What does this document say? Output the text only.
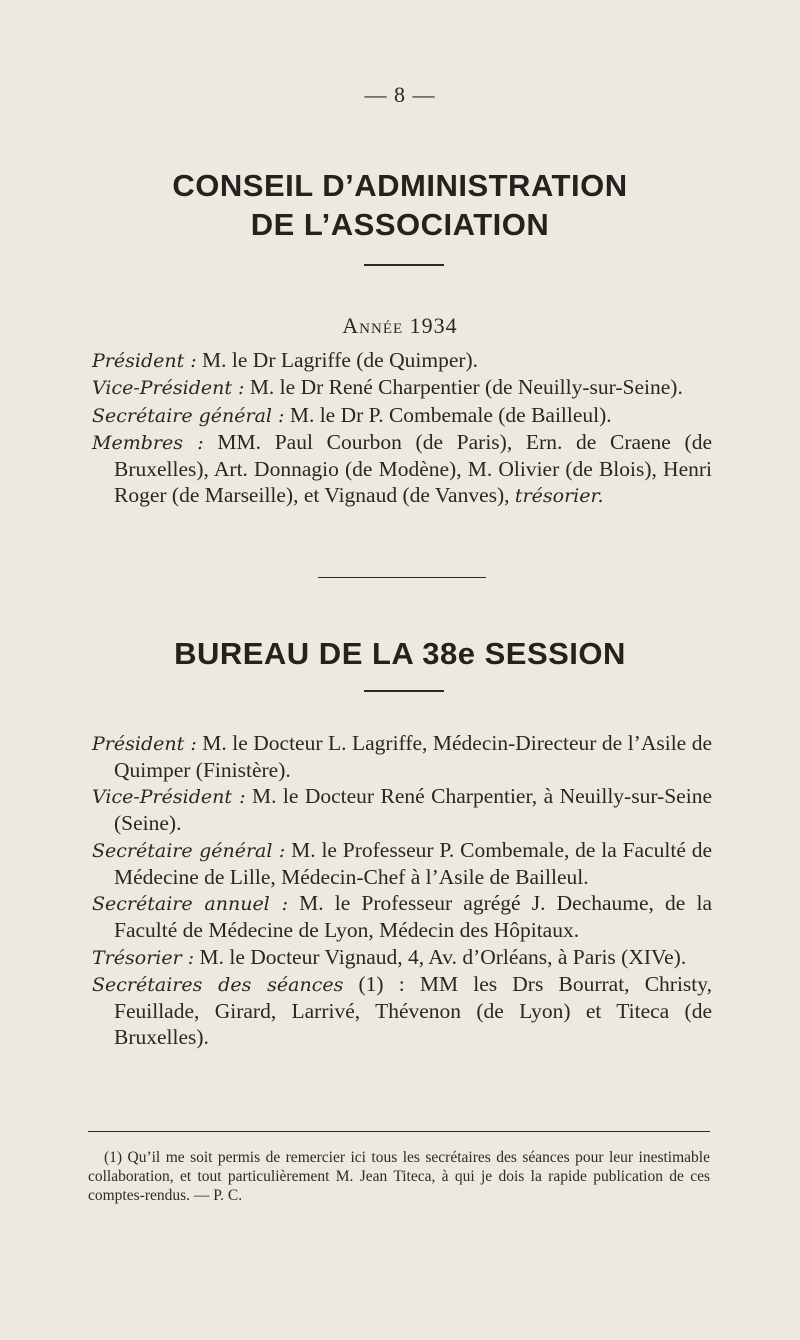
— 8 —
CONSEIL D’ADMINISTRATION
DE L’ASSOCIATION
Année 1934

Président : M. le Dr Lagriffe (de Quimper).

Vice-Président : M. le Dr René Charpentier (de Neuilly-sur-Seine).

Secrétaire général : M. le Dr P. Combemale (de Bailleul).

Membres : MM. Paul Courbon (de Paris), Ern. de Craene (de Bruxelles), Art. Donnagio (de Modène), M. Olivier (de Blois), Henri Roger (de Marseille), et Vignaud (de Vanves), trésorier.

BUREAU DE LA 38e SESSION

Président : M. le Docteur L. Lagriffe, Médecin-Directeur de l’Asile de Quimper (Finistère).

Vice-Président : M. le Docteur René Charpentier, à Neuilly-sur-Seine (Seine).

Secrétaire général : M. le Professeur P. Combemale, de la Faculté de Médecine de Lille, Médecin-Chef à l’Asile de Bailleul.

Secrétaire annuel : M. le Professeur agrégé J. Dechaume, de la Faculté de Médecine de Lyon, Médecin des Hôpitaux.

Trésorier : M. le Docteur Vignaud, 4, Av. d’Orléans, à Paris (XIVe).

Secrétaires des séances (1) : MM les Drs Bourrat, Christy, Feuillade, Girard, Larrivé, Thévenon (de Lyon) et Titeca (de Bruxelles).

(1) Qu’il me soit permis de remercier ici tous les secrétaires des séances pour leur inestimable collaboration, et tout particulièrement M. Jean Titeca, à qui je dois la rapide publication de ces comptes-rendus. — P. C.
